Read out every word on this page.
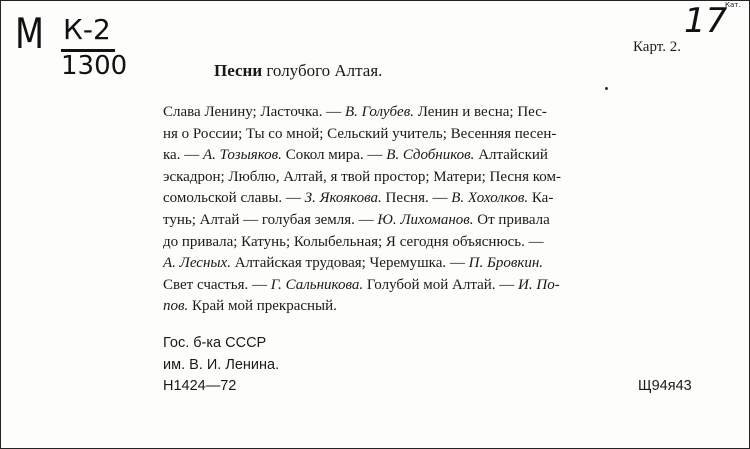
М К-2
1300
17
Кат.
Карт. 2.
Песни голубого Алтая.
Слава Ленину; Ласточка. — В. Голубев. Ленин и весна; Пес-
ня о России; Ты со мной; Сельский учитель; Весенняя песен-
ка. — А. Тозыяков. Сокол мира. — В. Сдобников. Алтайский
эскадрон; Люблю, Алтай, я твой простор; Матери; Песня ком-
сомольской славы. — З. Якоякова. Песня. — В. Хохолков. Ка-
тунь; Алтай — голубая земля. — Ю. Лихоманов. От привала
до привала; Катунь; Колыбельная; Я сегодня объяснюсь. —
А. Лесных. Алтайская трудовая; Черемушка. — П. Бровкин.
Свет счастья. — Г. Сальникова. Голубой мой Алтай. — И. По-
пов. Край мой прекрасный.
Гос. б-ка СССР
им. В. И. Ленина.
Н1424—72	Щ94я43
